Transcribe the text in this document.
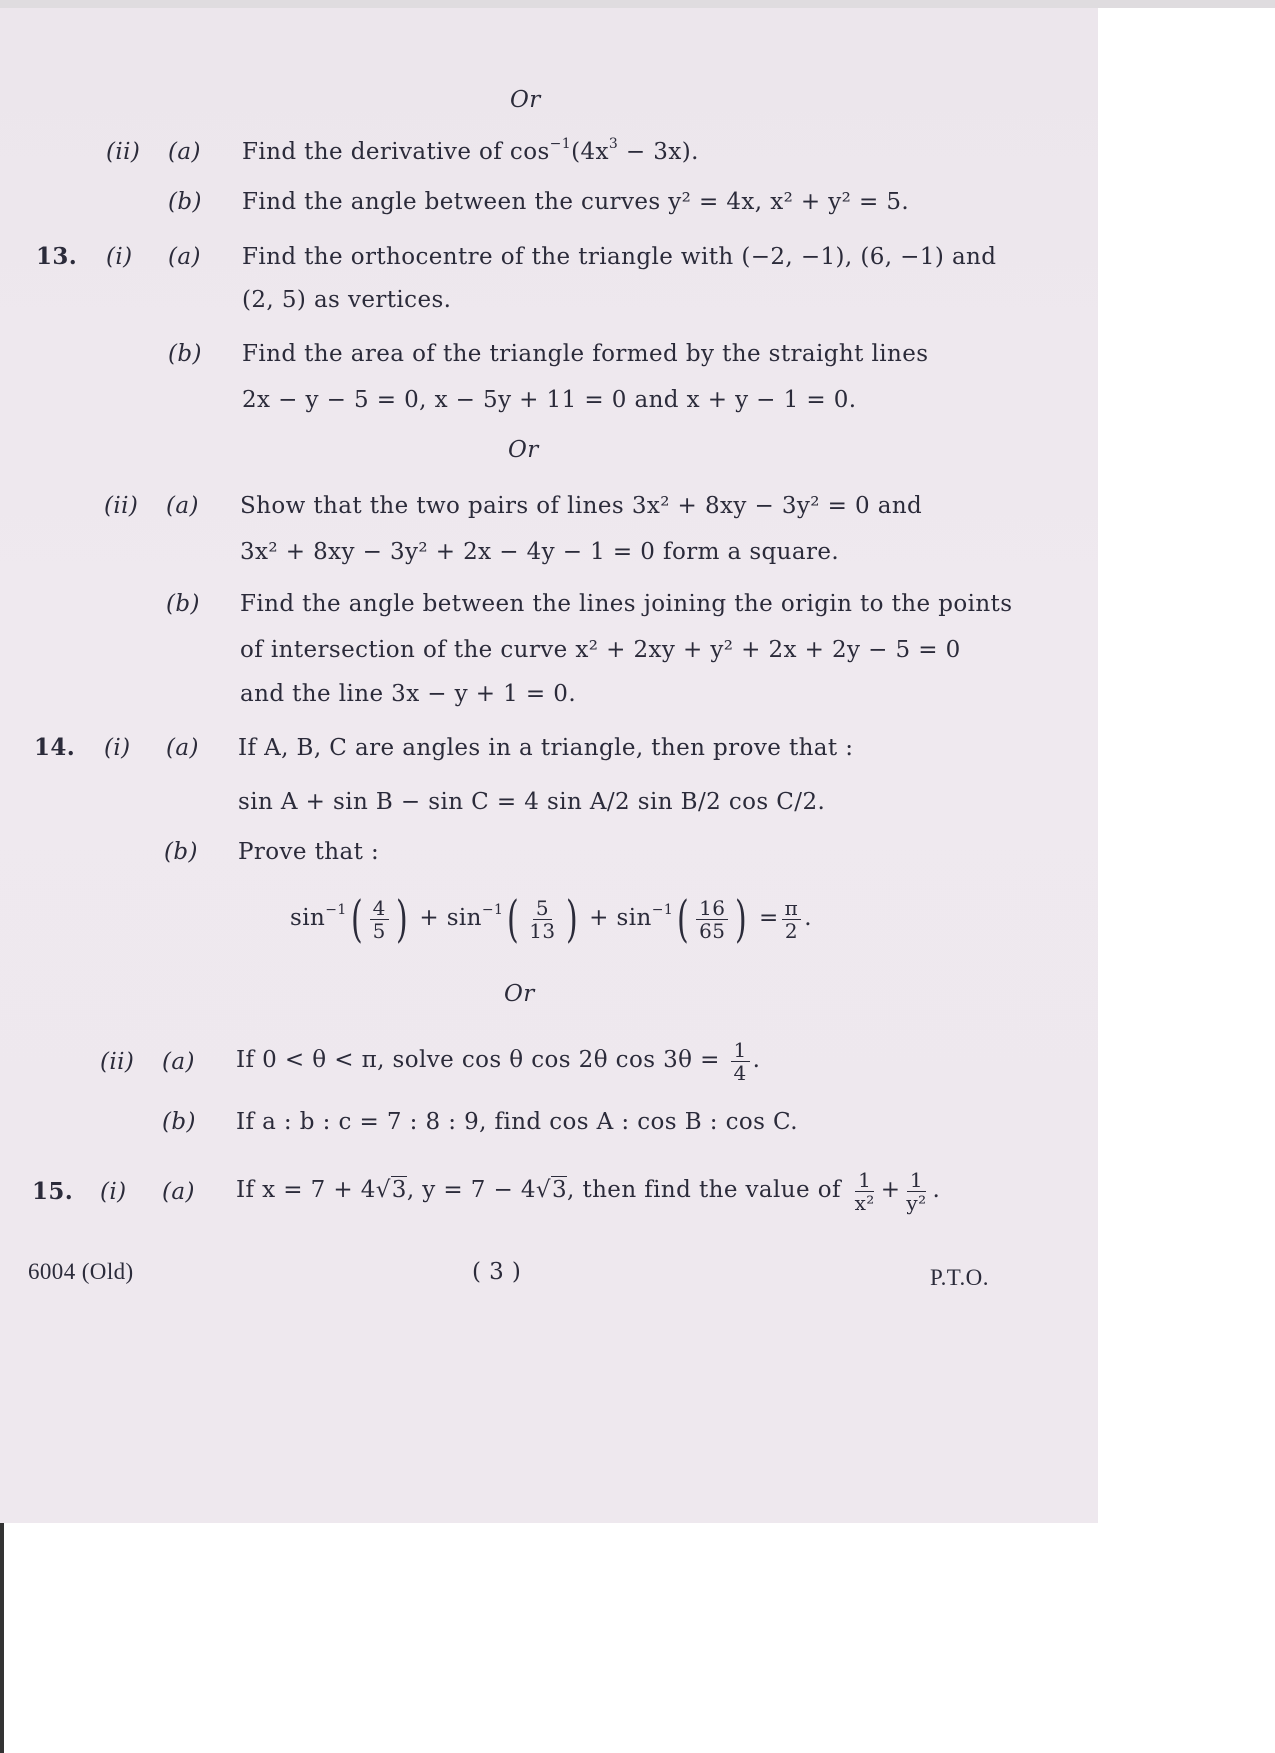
Or
(ii) (a) Find the derivative of $\cos^{-1}(4x^3 - 3x)$.
(b) Find the angle between the curves y² = 4x, x² + y² = 5.
13. (i) (a) Find the orthocentre of the triangle with (−2, −1), (6, −1) and
(2, 5) as vertices.
(b) Find the area of the triangle formed by the straight lines
2x − y − 5 = 0, x − 5y + 11 = 0 and x + y − 1 = 0.
Or
(ii) (a) Show that the two pairs of lines 3x² + 8xy − 3y² = 0 and
3x² + 8xy − 3y² + 2x − 4y − 1 = 0 form a square.
(b) Find the angle between the lines joining the origin to the points
of intersection of the curve x² + 2xy + y² + 2x + 2y − 5 = 0
and the line 3x − y + 1 = 0.
14. (i) (a) If A, B, C are angles in a triangle, then prove that :
sin A + sin B − sin C = 4 sin A/2 sin B/2 cos C/2.
(b) Prove that :
$\sin^{-1}( \frac{4}{5}$ ) + $\sin^{-1}( \frac{5}{13}$ ) + $\sin^{-1}( \frac{16}{65}$ ) = $\frac{\pi}{2}$ .
Or
(ii) (a) If 0 < θ < π, solve cos θ cos 2θ $\cos 3\theta = \frac{1}{4}$ .
(b) If a : b : c = 7 : 8 : 9, find cos A : cos B : cos C.
15. (i) (a) If x = 7 + 4√3, y = 7 − 4√3, then find the value of $\frac{1}{\text{x²}} + \frac{1}{\text{y²}}$ .
6004 (Old)	( 3 )	P.T.O.
